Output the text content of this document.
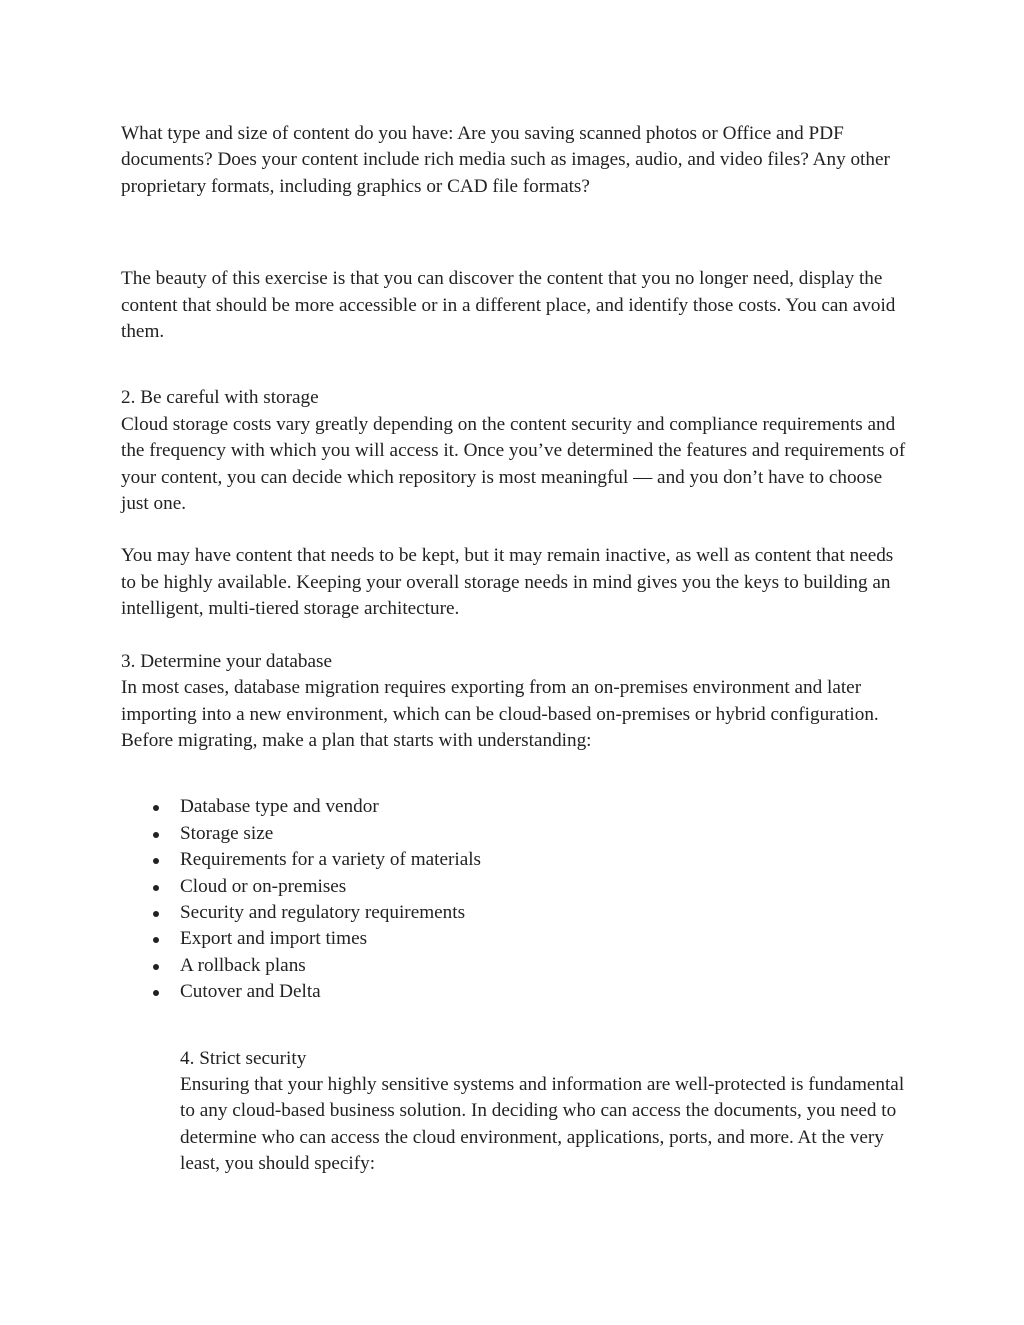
What type and size of content do you have: Are you saving scanned photos or Office and PDF documents? Does your content include rich media such as images, audio, and video files? Any other proprietary formats, including graphics or CAD file formats?

The beauty of this exercise is that you can discover the content that you no longer need, display the content that should be more accessible or in a different place, and identify those costs. You can avoid them.

2. Be careful with storage

Cloud storage costs vary greatly depending on the content security and compliance requirements and the frequency with which you will access it. Once you’ve determined the features and requirements of your content, you can decide which repository is most meaningful — and you don’t have to choose just one.

You may have content that needs to be kept, but it may remain inactive, as well as content that needs to be highly available. Keeping your overall storage needs in mind gives you the keys to building an intelligent, multi-tiered storage architecture.

3. Determine your database

In most cases, database migration requires exporting from an on-premises environment and later importing into a new environment, which can be cloud-based on-premises or hybrid configuration. Before migrating, make a plan that starts with understanding:

Database type and vendor
Storage size
Requirements for a variety of materials
Cloud or on-premises
Security and regulatory requirements
Export and import times
A rollback plans
Cutover and Delta

4. Strict security

Ensuring that your highly sensitive systems and information are well-protected is fundamental to any cloud-based business solution. In deciding who can access the documents, you need to determine who can access the cloud environment, applications, ports, and more. At the very least, you should specify:
